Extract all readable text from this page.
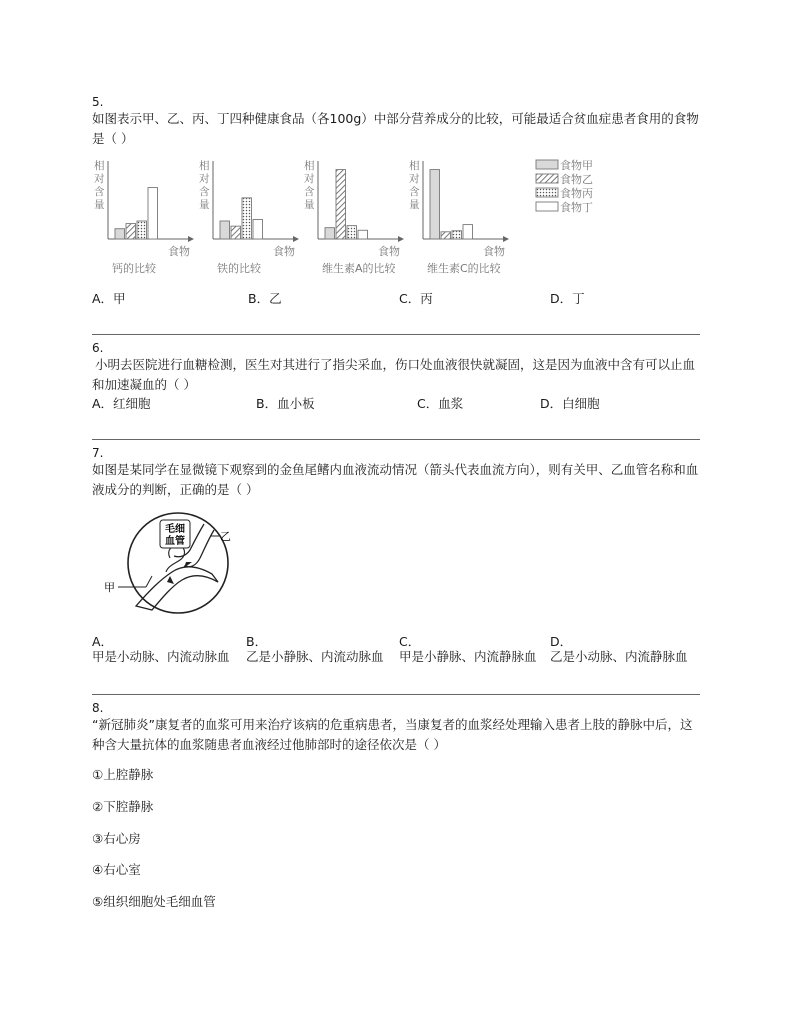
5.
如图表示甲、乙、丙、丁四种健康食品（各100g）中部分营养成分的比较，可能最适合贫血症患者食用的食物是（ ）
相
对
含
量
食物
钙的比较
相
对
含
量
食物
铁的比较
相
对
含
量
食物
维生素A的比较
相
对
含
量
食物
维生素C的比较
食物甲
食物乙
食物丙
食物丁
A．甲	B．乙	C．丙	D．丁
6.
小明去医院进行血糖检测，医生对其进行了指尖采血，伤口处血液很快就凝固，这是因为血液中含有可以止血和加速凝血的（ ）
A．红细胞	B．血小板	C．血浆	D．白细胞
7.
如图是某同学在显微镜下观察到的金鱼尾鳍内血液流动情况（箭头代表血流方向），则有关甲、乙血管名称和血液成分的判断，正确的是（ ）
毛细
血管	乙
甲
A．	B．	C．	D．
甲是小动脉、内流动脉血 乙是小静脉、内流动脉血 甲是小静脉、内流静脉血 乙是小动脉、内流静脉血
8.
“新冠肺炎”康复者的血浆可用来治疗该病的危重病患者，当康复者的血浆经处理输入患者上肢的静脉中后，这种含大量抗体的血浆随患者血液经过他肺部时的途径依次是（ ）
①上腔静脉
②下腔静脉
③右心房
④右心室
⑤组织细胞处毛细血管
